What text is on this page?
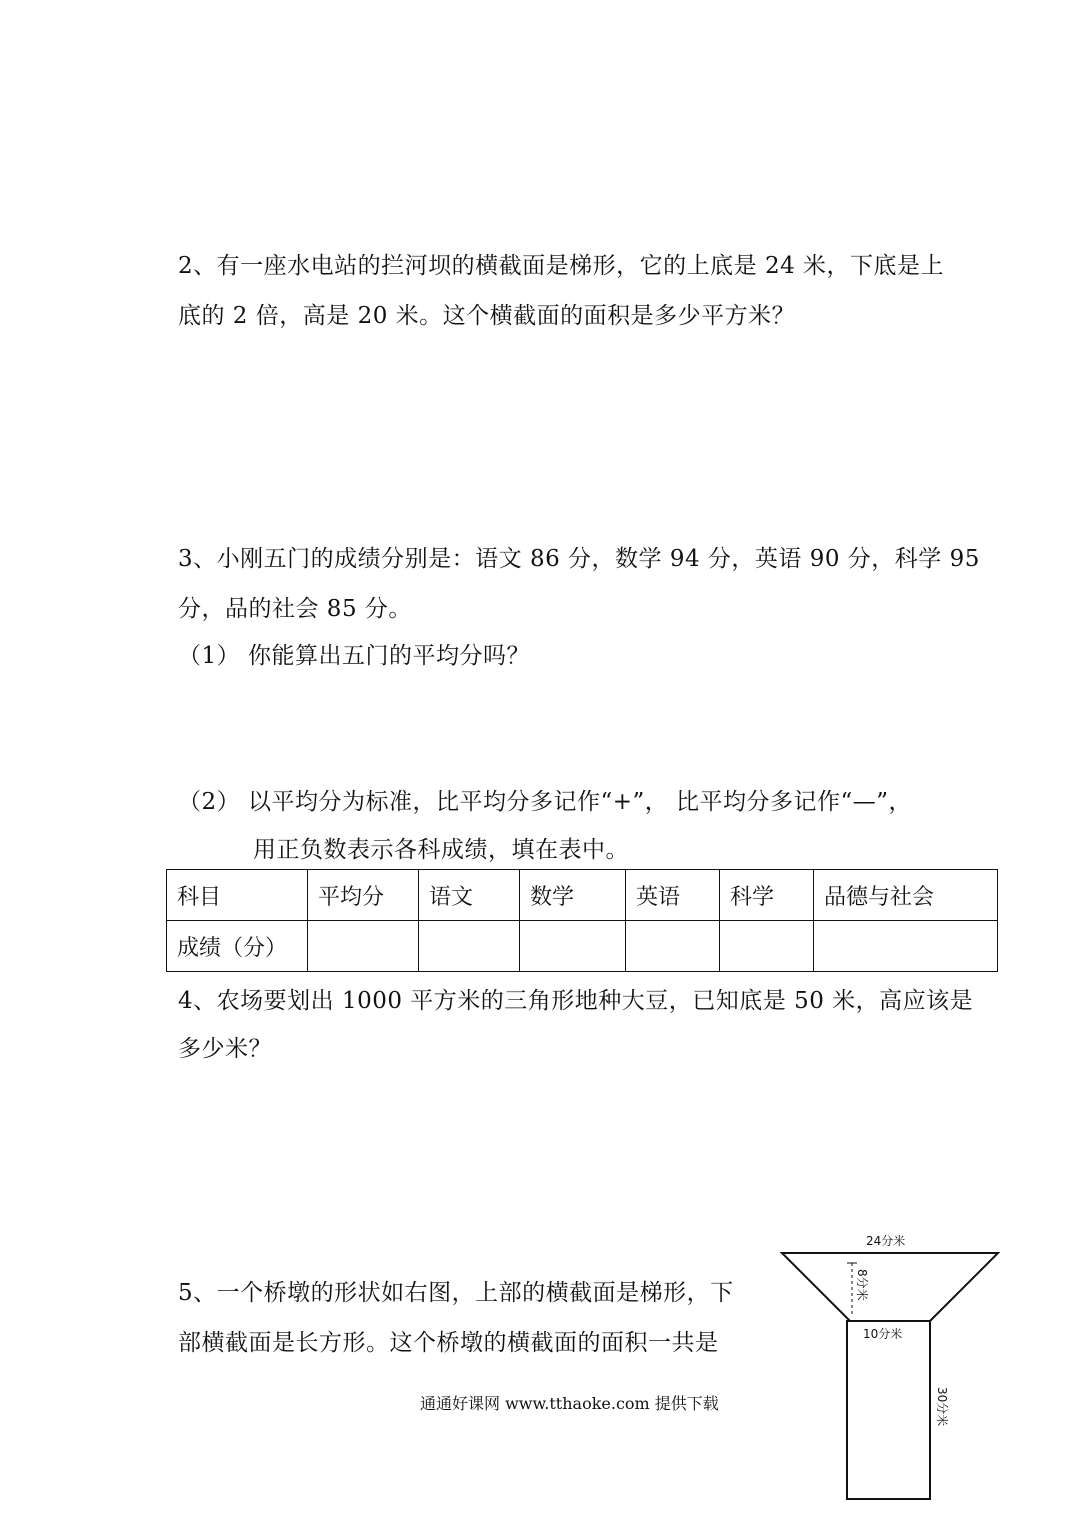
2、有一座水电站的拦河坝的横截面是梯形，它的上底是 24 米，下底是上
底的 2 倍，高是 20 米。这个横截面的面积是多少平方米？
3、小刚五门的成绩分别是：语文 86 分，数学 94 分，英语 90 分，科学 95
分，品的社会 85 分。
（1） 你能算出五门的平均分吗？
（2） 以平均分为标准，比平均分多记作“+”， 比平均分多记作“—”，
用正负数表示各科成绩，填在表中。
科目	平均分	语文	数学	英语	科学	品德与社会
成绩（分）						
4、农场要划出 1000 平方米的三角形地种大豆，已知底是 50 米，高应该是
多少米？
5、一个桥墩的形状如右图，上部的横截面是梯形，下
部横截面是长方形。这个桥墩的横截面的面积一共是
24分米
8分米
10分米
30分米
通通好课网 www.tthaoke.com 提供下载
